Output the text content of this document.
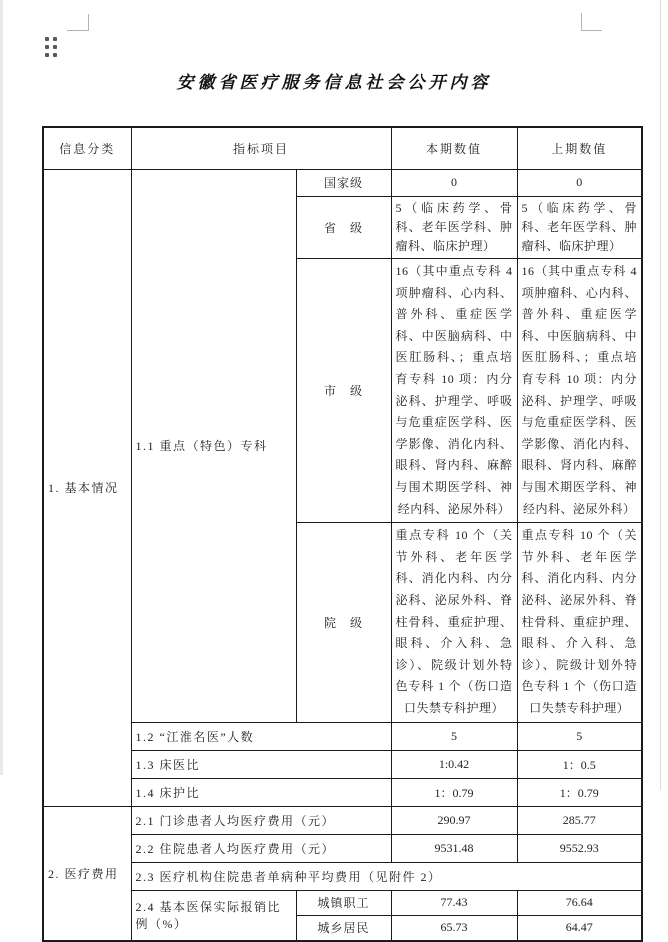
安徽省医疗服务信息社会公开内容
信息分类	指标项目		本期数值	上期数值
1. 基本情况	1.1 重点（特色）专科	国家级	0	0
		省　级	5（临床药学、骨科、老年医学科、肿瘤科、临床护理）	5（临床药学、骨科、老年医学科、肿瘤科、临床护理）
		市　级	16（其中重点专科 4 项肿瘤科、心内科、普外科、重症医学科、中医脑病科、中医肛肠科、；重点培育专科 10 项：内分泌科、护理学、呼吸与危重症医学科、医学影像、消化内科、眼科、肾内科、麻醉与围术期医学科、神经内科、泌尿外科）	16（其中重点专科 4 项肿瘤科、心内科、普外科、重症医学科、中医脑病科、中医肛肠科、；重点培育专科 10 项：内分泌科、护理学、呼吸与危重症医学科、医学影像、消化内科、眼科、肾内科、麻醉与围术期医学科、神经内科、泌尿外科）
		院　级	重点专科 10 个（关节外科、老年医学科、消化内科、内分泌科、泌尿外科、脊柱骨科、重症护理、眼科、介入科、急诊）、院级计划外特色专科 1 个（伤口造口失禁专科护理）	重点专科 10 个（关节外科、老年医学科、消化内科、内分泌科、泌尿外科、脊柱骨科、重症护理、眼科、介入科、急诊）、院级计划外特色专科 1 个（伤口造口失禁专科护理）
	1.2 “江淮名医”人数		5	5
	1.3 床医比		1:0.42	1：0.5
	1.4 床护比		1：0.79	1：0.79
2. 医疗费用	2.1 门诊患者人均医疗费用（元）		290.97	285.77
	2.2 住院患者人均医疗费用（元）		9531.48	9552.93
	2.3 医疗机构住院患者单病种平均费用（见附件 2）			
	2.4 基本医保实际报销比例（%）	城镇职工	77.43	76.64
		城乡居民	65.73	64.47
